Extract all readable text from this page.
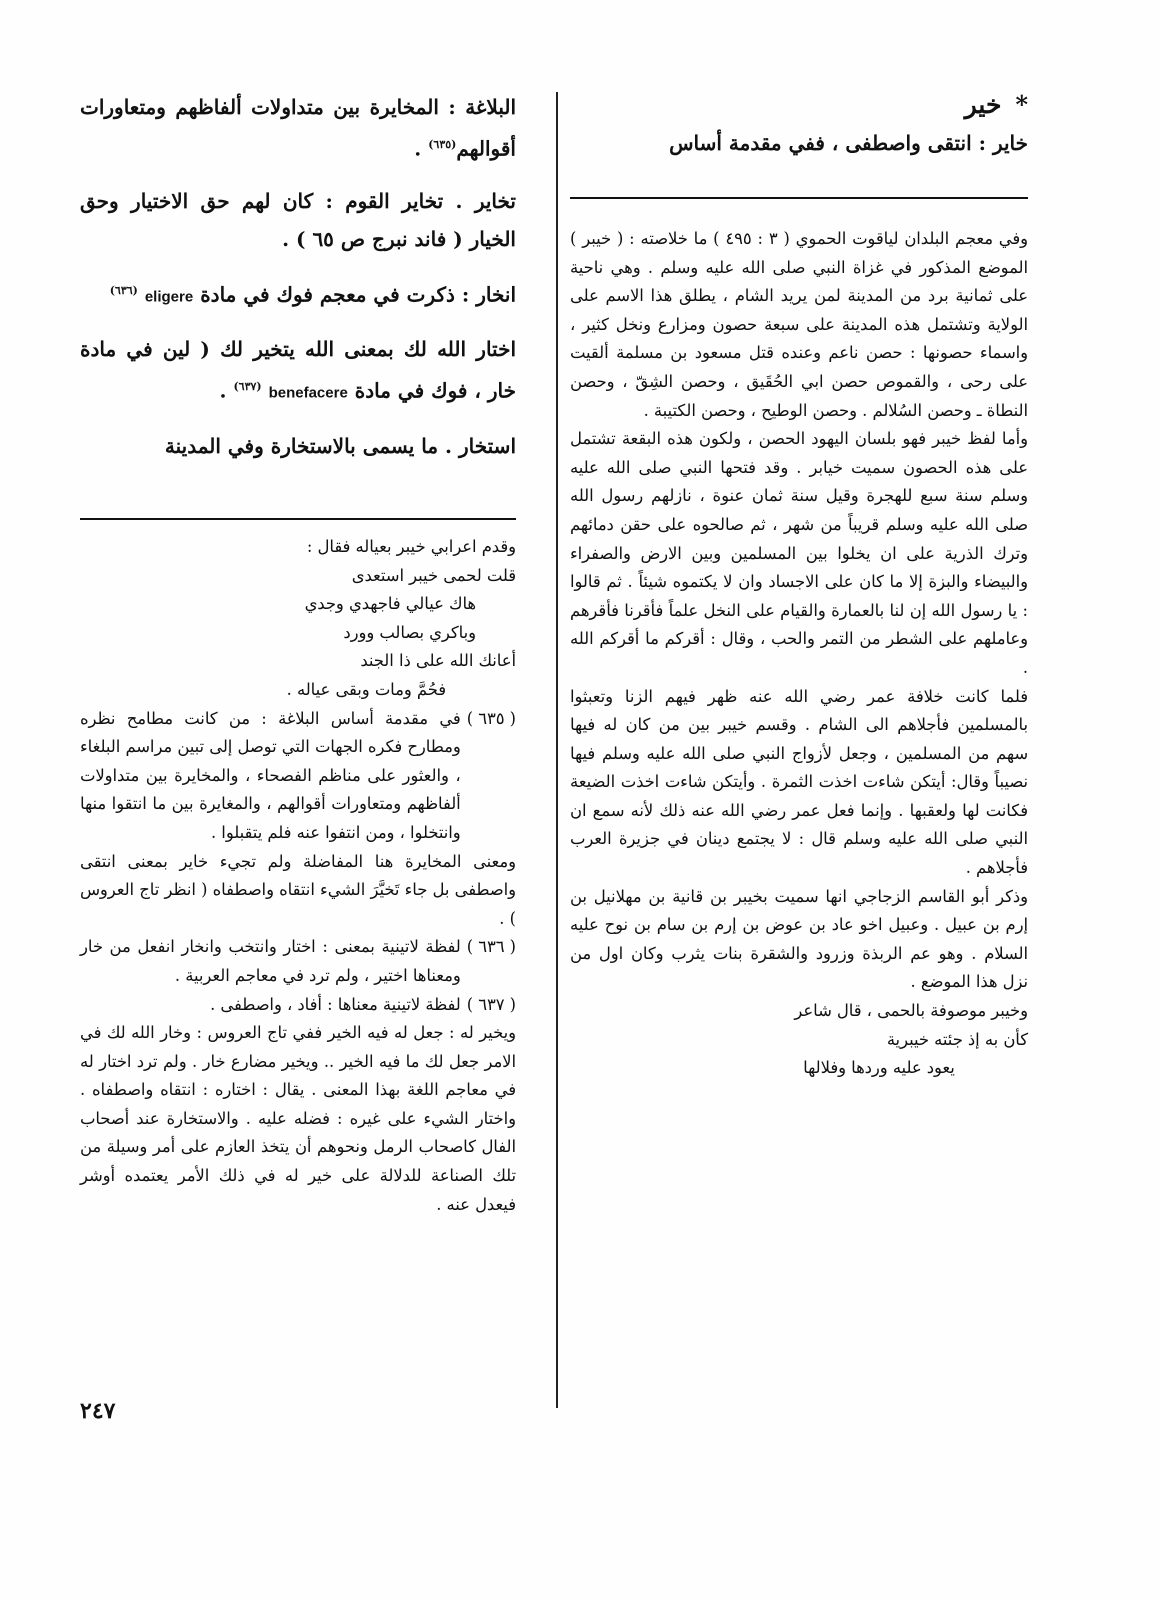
*
خير
خاير : انتقى واصطفى ، ففي مقدمة أساس

وفي معجم البلدان لياقوت الحموي ( ٣ : ٤٩٥ ) ما خلاصته : ( خيبر ) الموضع المذكور في غزاة النبي صلى الله عليه وسلم . وهي ناحية على ثمانية برد من المدينة لمن يريد الشام ، يطلق هذا الاسم على الولاية وتشتمل هذه المدينة على سبعة حصون ومزارع ونخل كثير ، واسماء حصونها : حصن ناعم وعنده قتل مسعود بن مسلمة ألقيت على رحى ، والقموص حصن ابي الحُقَيق ، وحصن الشِقّ ، وحصن النطاة ـ وحصن السُلالم . وحصن الوطيح ، وحصن الكتيبة .

وأما لفظ خيبر فهو بلسان اليهود الحصن ، ولكون هذه البقعة تشتمل على هذه الحصون سميت خيابر . وقد فتحها النبي صلى الله عليه وسلم سنة سبع للهجرة وقيل سنة ثمان عنوة ، نازلهم رسول الله صلى الله عليه وسلم قريباً من شهر ، ثم صالحوه على حقن دمائهم وترك الذرية على ان يخلوا بين المسلمين وبين الارض والصفراء والبيضاء والبزة إلا ما كان على الاجساد وان لا يكتموه شيئاً . ثم قالوا : يا رسول الله إن لنا بالعمارة والقيام على النخل علماً فأقرنا فأقرهم وعاملهم على الشطر من التمر والحب ، وقال : أقركم ما أقركم الله .

فلما كانت خلافة عمر رضي الله عنه ظهر فيهم الزنا وتعبثوا بالمسلمين فأجلاهم الى الشام . وقسم خيبر بين من كان له فيها سهم من المسلمين ، وجعل لأزواج النبي صلى الله عليه وسلم فيها نصيباً وقال: أيتكن شاءت اخذت الثمرة . وأيتكن شاءت اخذت الضيعة فكانت لها ولعقبها . وإنما فعل عمر رضي الله عنه ذلك لأنه سمع ان النبي صلى الله عليه وسلم قال : لا يجتمع دينان في جزيرة العرب فأجلاهم .

وذكر أبو القاسم الزجاجي انها سميت بخيبر بن قانية بن مهلانيل بن إرم بن عبيل . وعبيل اخو عاد بن عوض بن إرم بن سام بن نوح عليه السلام . وهو عم الربذة وزرود والشقرة بنات يثرب وكان اول من نزل هذا الموضع .

وخيبر موصوفة بالحمى ، قال شاعر

كأن به إذ جئته خيبرية

يعود عليه وردها وفلالها

البلاغة : المخايرة بين متداولات ألفاظهم ومتعاورات أقوالهم$^{(٦٣٥)}$ .

تخاير . تخاير القوم : كان لهم حق الاختيار وحق الخيار ( فاند نبرج ص ٦٥ ) .

انخار : ذكرت في معجم فوك في مادة eligere $^{(٦٣٦)}$

اختار الله لك بمعنى الله يتخير لك ( لين في مادة خار ، فوك في مادة benefacere $^{(٦٣٧)}$ .

استخار . ما يسمى بالاستخارة وفي المدينة

وقدم اعرابي خيبر بعياله فقال :

قلت لحمى خيبر استعدى

هاك عيالي فاجهدي وجدي

وباكري بصالب وورد

أعانك الله على ذا الجند

فحُمَّ ومات وبقى عياله .

( ٦٣٥ )
في مقدمة أساس البلاغة : من كانت مطامح نظره ومطارح فكره الجهات التي توصل إلى تبين مراسم البلغاء ، والعثور على مناظم الفصحاء ، والمخايرة بين متداولات ألفاظهم ومتعاورات أقوالهم ، والمغايرة بين ما انتقوا منها وانتخلوا ، ومن انتفوا عنه فلم يتقبلوا .

ومعنى المخايرة هنا المفاضلة ولم تجيء خاير بمعنى انتقى واصطفى بل جاء تَخيَّرَ الشيء انتقاه واصطفاه ( انظر تاج العروس ) .

( ٦٣٦ )
لفظة لاتينية بمعنى : اختار وانتخب وانخار انفعل من خار ومعناها اختير ، ولم ترد في معاجم العربية .
( ٦٣٧ )
لفظة لاتينية معناها : أفاد ، واصطفى .

ويخير له : جعل له فيه الخير ففي تاج العروس : وخار الله لك في الامر جعل لك ما فيه الخير .. ويخير مضارع خار . ولم ترد اختار له في معاجم اللغة بهذا المعنى . يقال : اختاره : انتقاه واصطفاه . واختار الشيء على غيره : فضله عليه . والاستخارة عند أصحاب الفال كاصحاب الرمل ونحوهم أن يتخذ العازم على أمر وسيلة من تلك الصناعة للدلالة على خير له في ذلك الأمر يعتمده أوشر فيعدل عنه .

٢٤٧
